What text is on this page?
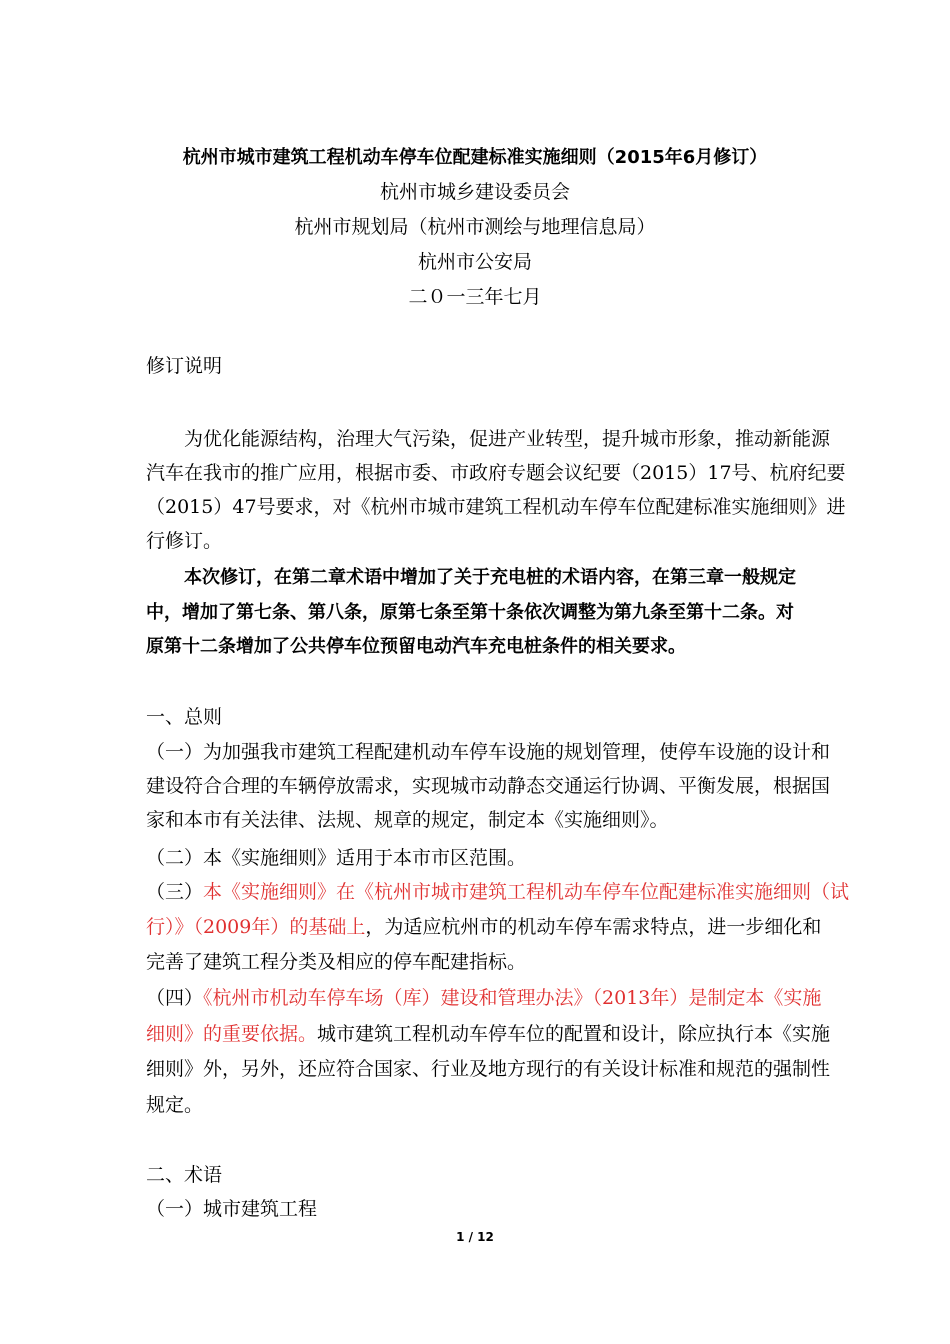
杭州市城市建筑工程机动车停车位配建标准实施细则（2015年6月修订）
杭州市城乡建设委员会
杭州市规划局（杭州市测绘与地理信息局）
杭州市公安局
二０一三年七月
修订说明
为优化能源结构，治理大气污染，促进产业转型，提升城市形象，推动新能源
汽车在我市的推广应用，根据市委、市政府专题会议纪要（2015）17号、杭府纪要
（2015）47号要求，对《杭州市城市建筑工程机动车停车位配建标准实施细则》进
行修订。
本次修订，在第二章术语中增加了关于充电桩的术语内容，在第三章一般规定
中，增加了第七条、第八条，原第七条至第十条依次调整为第九条至第十二条。对
原第十二条增加了公共停车位预留电动汽车充电桩条件的相关要求。
一、总则
（一）为加强我市建筑工程配建机动车停车设施的规划管理，使停车设施的设计和
建设符合合理的车辆停放需求，实现城市动静态交通运行协调、平衡发展，根据国
家和本市有关法律、法规、规章的规定，制定本《实施细则》。
（二）本《实施细则》适用于本市市区范围。
（三）本《实施细则》在《杭州市城市建筑工程机动车停车位配建标准实施细则（试
行）》（2009年）的基础上，为适应杭州市的机动车停车需求特点，进一步细化和
完善了建筑工程分类及相应的停车配建指标。
（四）《杭州市机动车停车场（库）建设和管理办法》（2013年）是制定本《实施
细则》的重要依据。城市建筑工程机动车停车位的配置和设计，除应执行本《实施
细则》外，另外，还应符合国家、行业及地方现行的有关设计标准和规范的强制性
规定。
二、术语
（一）城市建筑工程
1 / 12
